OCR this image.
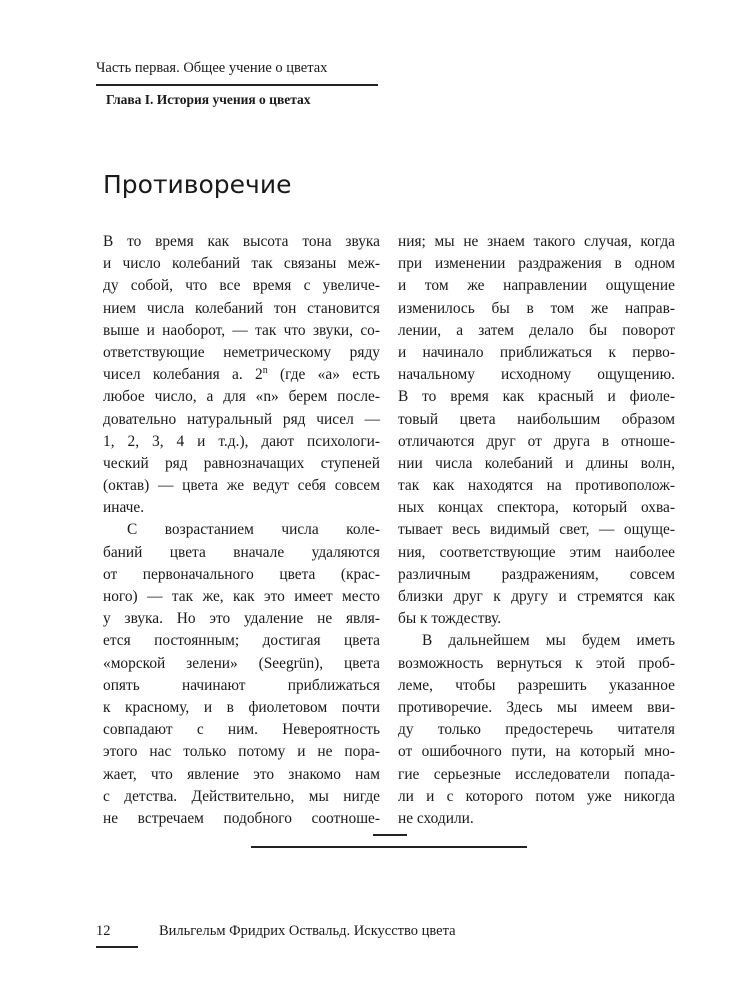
Часть первая. Общее учение о цветах
Глава I. История учения о цветах
Противоречие
В то время как высота тона звука
и число колебаний так связаны меж-
ду собой, что все время с увеличе-
нием числа колебаний тон становится
выше и наоборот, — так что звуки, со-
ответствующие неметрическому ряду
чисел колебания a. 2$^n$ (где «a» есть
любое число, а для «n» берем после-
довательно натуральный ряд чисел —
1, 2, 3, 4 и т.д.), дают психологи-
ческий ряд равнозначащих ступеней
(октав) — цвета же ведут себя совсем
иначе.
С возрастанием числа коле-
баний цвета вначале удаляются
от первоначального цвета (крас-
ного) — так же, как это имеет место
у звука. Но это удаление не явля-
ется постоянным; достигая цвета
«морской зелени» (Seegrün), цвета
опять начинают приближаться
к красному, и в фиолетовом почти
совпадают с ним. Невероятность
этого нас только потому и не пора-
жает, что явление это знакомо нам
с детства. Действительно, мы нигде
не встречаем подобного соотноше-
ния; мы не знаем такого случая, когда
при изменении раздражения в одном
и том же направлении ощущение
изменилось бы в том же направ-
лении, а затем делало бы поворот
и начинало приближаться к перво-
начальному исходному ощущению.
В то время как красный и фиоле-
товый цвета наибольшим образом
отличаются друг от друга в отноше-
нии числа колебаний и длины волн,
так как находятся на противополож-
ных концах спектора, который охва-
тывает весь видимый свет, — ощуще-
ния, соответствующие этим наиболее
различным раздражениям, совсем
близки друг к другу и стремятся как
бы к тождеству.
В дальнейшем мы будем иметь
возможность вернуться к этой проб-
леме, чтобы разрешить указанное
противоречие. Здесь мы имеем вви-
ду только предостеречь читателя
от ошибочного пути, на который мно-
гие серьезные исследователи попада-
ли и с которого потом уже никогда
не сходили.
12	Вильгельм Фридрих Оствальд. Искусство цвета
